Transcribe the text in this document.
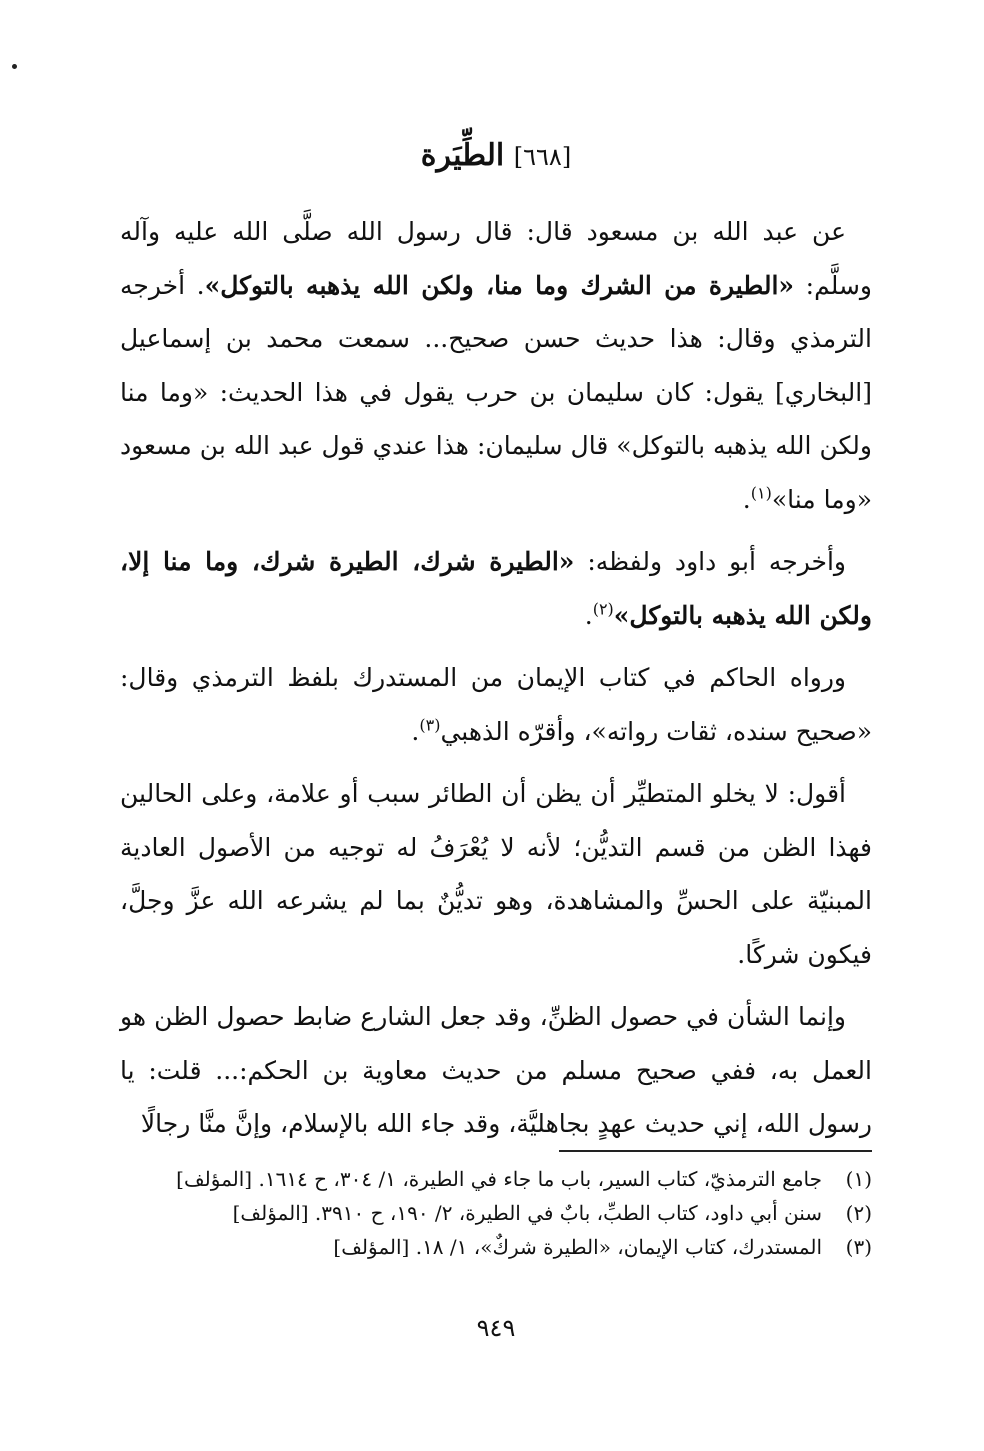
[٦٦٨] الطِّيَرة

عن عبد الله بن مسعود قال: قال رسول الله صلَّى الله عليه وآله وسلَّم: «الطيرة من الشرك وما منا، ولكن الله يذهبه بالتوكل». أخرجه الترمذي وقال: هذا حديث حسن صحيح... سمعت محمد بن إسماعيل [البخاري] يقول: كان سليمان بن حرب يقول في هذا الحديث: «وما منا ولكن الله يذهبه بالتوكل» قال سليمان: هذا عندي قول عبد الله بن مسعود «وما منا»$^{(١)}$.

وأخرجه أبو داود ولفظه: «الطيرة شرك، الطيرة شرك، وما منا إلا، ولكن الله يذهبه بالتوكل»$^{(٢)}$.

ورواه الحاكم في كتاب الإيمان من المستدرك بلفظ الترمذي وقال: «صحيح سنده، ثقات رواته»، وأقرّه الذهبي$^{(٣)}$.

أقول: لا يخلو المتطيِّر أن يظن أن الطائر سبب أو علامة، وعلى الحالين فهذا الظن من قسم التديُّن؛ لأنه لا يُعْرَفُ له توجيه من الأصول العادية المبنيّة على الحسِّ والمشاهدة، وهو تديُّنٌ بما لم يشرعه الله عزَّ وجلَّ، فيكون شركًا.

وإنما الشأن في حصول الظنِّ، وقد جعل الشارع ضابط حصول الظن هو العمل به، ففي صحيح مسلم من حديث معاوية بن الحكم:... قلت: يا رسول الله، إني حديث عهدٍ بجاهليَّة، وقد جاء الله بالإسلام، وإنَّ منَّا رجالًا

(١)
جامع الترمذيّ، كتاب السير، باب ما جاء في الطيرة، ١/ ٣٠٤، ح ١٦١٤. [المؤلف]
(٢)
سنن أبي داود، كتاب الطبِّ، بابٌ في الطيرة، ٢/ ١٩٠، ح ٣٩١٠. [المؤلف]
(٣)
المستدرك، كتاب الإيمان، «الطيرة شركٌ»، ١/ ١٨. [المؤلف]
٩٤٩
